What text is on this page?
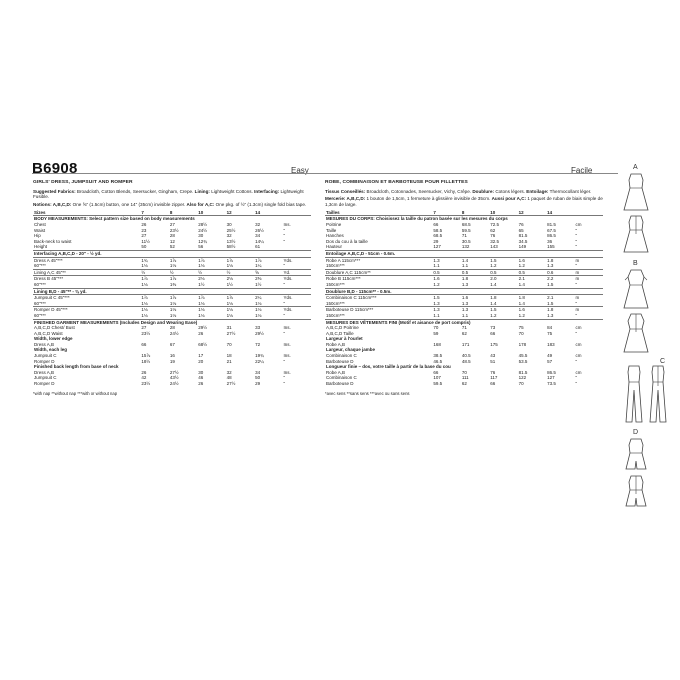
B6908	Easy	Facile
GIRLS' DRESS, JUMPSUIT AND ROMPER
Suggested Fabrics: Broadcloth, Cotton Blends, Seersucker, Gingham, Crepe. Lining: Lightweight Cottons. Interfacing: Lightweight Fusible.
Notions: A,B,C,D: One ⅝" (1.5cm) button, one 14" (35cm) invisible zipper. Also for A,C: One pkg. of ½" (1.3cm) single fold bias tape.
Sizes	7	8	10	12	14	
BODY MEASUREMENTS: Select pattern size based on body measurements						
Chest	26	27	28½	30	32	Ins.
Waist	23	23½	24½	25½	26½	"
Hip	27	28	30	32	34	"
Back-neck to waist	11½	12	12¾	13½	14¼	"
Height	50	52	56	58½	61	
Interfacing A,B,C,D - 20" - ½ yd.						
Dress A 45"***	1¾	1⅞	1⅞	1⅞	1⅞	Yds.
60"***	1⅛	1⅛	1⅛	1⅛	1¼	"
Lining A,C 45"**	½	½	½	½	⅝	Yd.
Dress B 45"***	1⅞	1⅞	2⅛	2⅛	2⅜	Yds.
60"***	1⅛	1⅜	1½	1½	1½	"
Lining B,D - 45"** - ⅜ yd.						
Jumpsuit C 45"***	1⅞	1⅞	1⅞	1⅞	2¼	Yds.
60"***	1⅛	1⅛	1⅛	1⅛	1⅛	"
Romper D 45"***	1⅛	1⅛	1⅛	1⅛	1⅛	Yds.
60"***	1⅛	1⅛	1⅛	1⅛	1⅛	"
FINISHED GARMENT MEASUREMENTS (Includes Design and Wearing Ease)						
A,B,C,D Chest/ Bust	27	28	29½	31	33	Ins.
A,B,C,D Waist	23½	24½	26	27½	29½	"
Width, lower edge						
Dress A,B	66	67	68½	70	72	Ins.
Width, each leg						
Jumpsuit C	15⅞	16	17	18	19¾	Ins.
Romper D	18½	19	20	21	22¼	"
Finished back length from base of neck						
Dress A,B	26	27½	30	32	34	Ins.
Jumpsuit C	42	43½	46	48	50	"
Romper D	23½	24½	26	27½	29	"
*with nap **without nap ***with or without nap
ROBE, COMBINAISON ET BARBOTEUSE POUR FILLETTES
Tissus Conseillés: Broadcloth, Cotonnades, Seersucker, Vichy, Crêpe. Doublure: Cotons légers. Entoilage: Thermocollant léger.
Mercerie: A,B,C,D: 1 bouton de 1,5cm, 1 fermeture à glissière invisible de 35cm. Aussi pour A,C: 1 paquet de ruban de biais simple de 1,3cm de large.
Tailles	7	8	10	12	14	
MESURES DU CORPS: Choisissez la taille du patron basée sur les mesures du corps						
Poitrine	66	68.5	72.5	76	81.5	cm
Taille	58.5	59.5	62	65	67.5	"
Hanches	68.5	71	76	81.5	86.5	"
Dos du cou à la taille	29	30.5	32.5	34.5	36	"
Hauteur	127	132	143	149	155	"
Entoilage A,B,C,D - 51cm - 0.6m.						
Robe A 115cm***	1.3	1.4	1.5	1.6	1.8	m
150cm***	1.1	1.1	1.2	1.2	1.3	"
Doublure A,C 115cm**	0.5	0.5	0.5	0.5	0.6	m
Robe B 115cm***	1.6	1.8	2.0	2.1	2.2	m
150cm***	1.2	1.3	1.4	1.4	1.5	"
Doublure B,D - 115cm** - 0.5m.						
Combinaison C 115cm***	1.5	1.6	1.8	1.8	2.1	m
150cm***	1.3	1.3	1.4	1.4	1.5	"
Barboteuse D 115cm***	1.3	1.3	1.5	1.6	1.8	m
150cm***	1.1	1.1	1.2	1.2	1.3	"
MESURES DES VÊTEMENTS FINI (Motif et aisance de port compris)						
A,B,C,D Poitrine	70	71	73	75	84	cm
A,B,C,D Taille	59	62	66	70	75	"
Largeur à l'ourlet						
Robe A,B	168	171	175	178	183	cm
Largeur, chaque jambe						
Combinaison C	38.5	40.5	43	45.5	49	cm
Barboteuse D	46.5	48.5	51	53.5	57	"
Longueur finie – dos, votre taille à partir de la base du cou						
Robe A,B	66	70	76	81.5	86.5	cm
Combinaison C	107	111	117	122	127	"
Barboteuse D	59.5	62	66	70	73.5	"
*avec sens **sans sens ***avec ou sans sens
A
B
C
D
